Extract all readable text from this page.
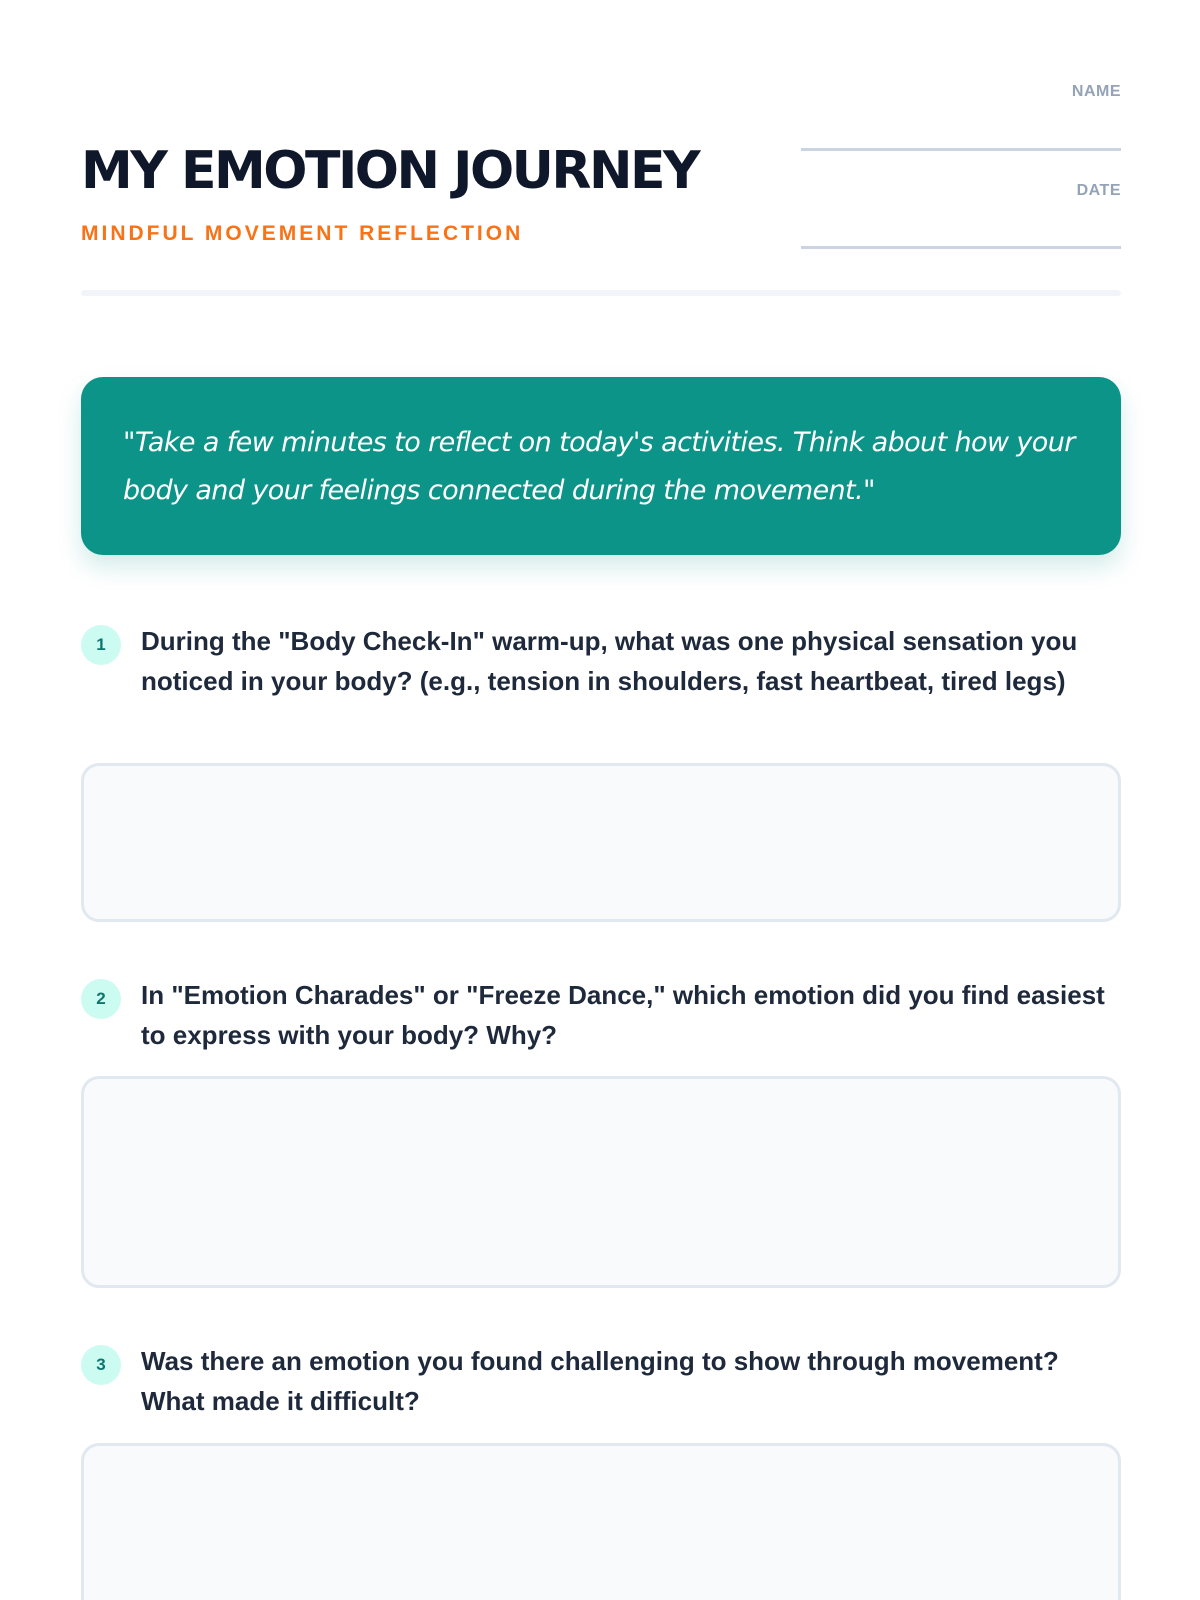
MY EMOTION JOURNEY
MINDFUL MOVEMENT REFLECTION
NAME
DATE

"Take a few minutes to reflect on today's activities. Think about how your body and your feelings connected during the movement."

1	During the "Body Check-In" warm-up, what was one physical sensation you noticed in your body? (e.g., tension in shoulders, fast heartbeat, tired legs)
2	In "Emotion Charades" or "Freeze Dance," which emotion did you find easiest to express with your body? Why?
3	Was there an emotion you found challenging to show through movement? What made it difficult?
